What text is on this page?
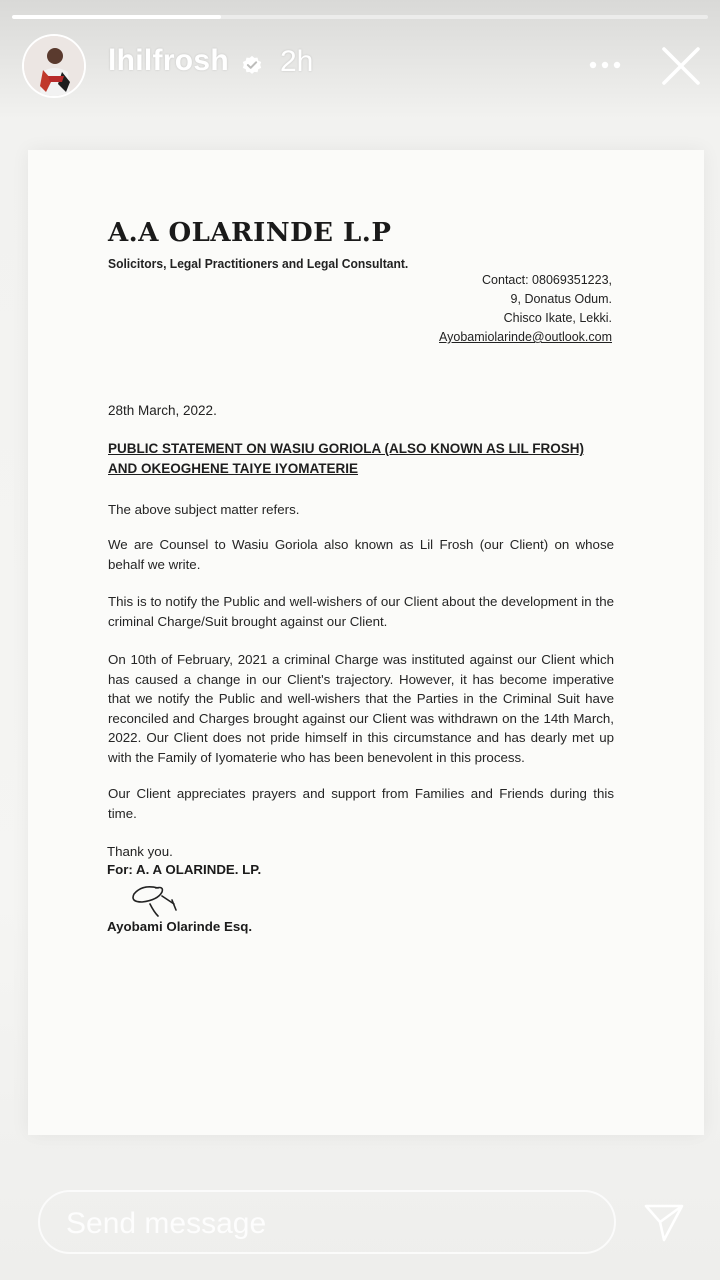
lhilfrosh 2h
A.A OLARINDE L.P
Solicitors, Legal Practitioners and Legal Consultant.
Contact: 08069351223,
9, Donatus Odum.
Chisco Ikate, Lekki.
Ayobamiolarinde@outlook.com
28th March, 2022.
PUBLIC STATEMENT ON WASIU GORIOLA (ALSO KNOWN AS LIL FROSH) AND OKEOGHENE TAIYE IYOMATERIE
The above subject matter refers.
We are Counsel to Wasiu Goriola also known as Lil Frosh (our Client) on whose behalf we write.
This is to notify the Public and well-wishers of our Client about the development in the criminal Charge/Suit brought against our Client.
On 10th of February, 2021 a criminal Charge was instituted against our Client which has caused a change in our Client's trajectory. However, it has become imperative that we notify the Public and well-wishers that the Parties in the Criminal Suit have reconciled and Charges brought against our Client was withdrawn on the 14th March, 2022. Our Client does not pride himself in this circumstance and has dearly met up with the Family of Iyomaterie who has been benevolent in this process.
Our Client appreciates prayers and support from Families and Friends during this time.
Thank you.
For: A. A OLARINDE. LP.
Ayobami Olarinde Esq.
Send message
